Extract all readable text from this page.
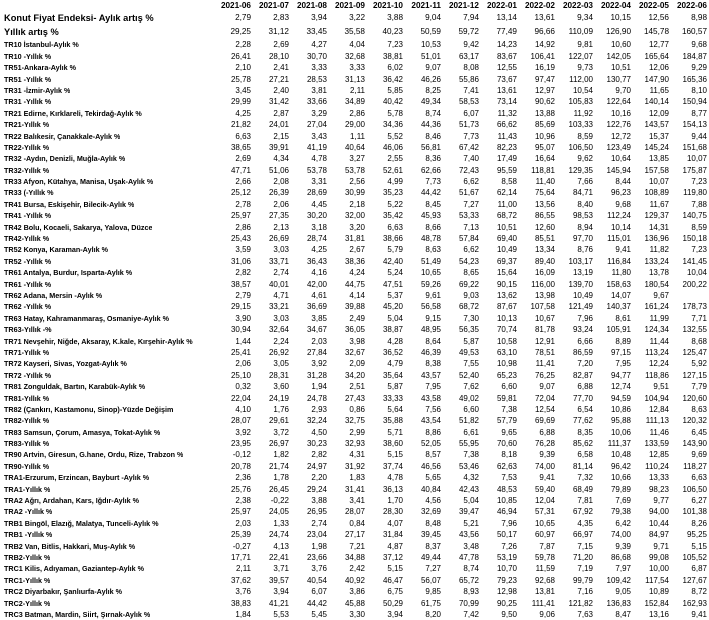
2021-06 2021-07 2021-08 2021-09 2021-10	2021-11 2021-12 2022-01 2022-02 2022-03 2022-04 2022-05 2022-06
Konut Fiyat Endeksi- Aylık artış %	2,79	2,83	3,94	3,22	3,88	9,04	7,94	13,14	13,61	9,34	10,15	12,56	8,98
Yıllık artış %	29,25	31,12	33,45	35,58	40,23	50,59	59,72	77,49	96,66	110,09	126,90	145,78	160,57
TR10 İstanbul-Aylık %	2,28	2,69	4,27	4,04	7,23	10,53	9,42	14,23	14,92	9,81	10,60	12,77	9,68
TR10 -Yıllık %	26,41	28,10	30,70	32,68	38,81	51,01	63,17	83,67	106,41	122,07	142,05	165,64	184,87
TR51-Ankara-Aylık %	2,10	2,41	3,33	3,33	6,02	9,07	8,08	12,55	16,19	9,73	10,51	12,06	9,29
TR51 -Yıllık %	25,78	27,21	28,53	31,13	36,42	46,26	55,86	73,67	97,47	112,00	130,77	147,90	165,36
TR31 -İzmir-Aylık %	3,45	2,40	3,81	2,11	5,85	8,25	7,41	13,61	12,97	10,54	9,70	11,65	8,10
TR31 -Yıllık %	29,99	31,42	33,66	34,89	40,42	49,34	58,53	73,14	90,62	105,83	122,64	140,14	150,94
TR21 Edirne, Kırklareli, Tekirdağ-Aylık %	4,25	2,87	3,29	2,86	5,78	8,74	6,07	11,32	13,88	11,92	10,16	12,09	8,77
TR21-Yıllık %	21,82	24,01	27,04	29,00	34,36	44,36	51,73	66,62	85,69	103,33	122,76	143,57	154,13
TR22 Balıkesir, Çanakkale-Aylık %	6,63	2,15	3,43	1,11	5,52	8,46	7,73	11,43	10,96	8,59	12,72	15,37	9,44
TR22-Yıllık %	38,65	39,91	41,19	40,64	46,06	56,81	67,42	82,23	95,07	106,50	123,49	145,24	151,68
TR32 -Aydın, Denizli, Muğla-Aylık %	2,69	4,34	4,78	3,27	2,55	8,36	7,40	17,49	16,64	9,62	10,64	13,85	10,07
TR32-Yıllık %	47,71	51,06	53,78	53,78	52,61	62,66	72,43	95,59	118,81	129,35	145,94	157,58	175,87
TR33 Afyon, Kütahya, Manisa, Uşak-Aylık %	2,66	2,08	3,31	2,56	4,99	7,73	6,62	8,58	11,40	7,66	8,44	10,07	7,23
TR33 (-Yıllık %	25,12	26,39	28,69	30,99	35,23	44,42	51,67	62,14	75,64	84,71	96,23	108,89	119,80
TR41 Bursa, Eskişehir, Bilecik-Aylık %	2,78	2,06	4,45	2,18	5,22	8,45	7,27	11,00	13,56	8,40	9,68	11,67	7,88
TR41 -Yıllık %	25,97	27,35	30,20	32,00	35,42	45,93	53,33	68,72	86,55	98,53	112,24	129,37	140,75
TR42 Bolu, Kocaeli, Sakarya, Yalova, Düzce	2,86	2,13	3,18	3,20	6,63	8,66	7,13	10,51	12,60	8,94	10,14	14,31	8,59
TR42-Yıllık %	25,43	26,69	28,74	31,81	38,66	48,78	57,84	69,40	85,51	97,70	115,01	136,96	150,18
TR52 Konya, Karaman-Aylık %	3,59	3,03	4,25	2,67	5,79	8,63	6,62	10,49	13,34	8,76	9,41	11,82	7,23
TR52 -Yıllık %	31,06	33,71	36,43	38,36	42,40	51,49	54,23	69,37	89,40	103,17	116,84	133,24	141,45
TR61 Antalya, Burdur, Isparta-Aylık %	2,82	2,74	4,16	4,24	5,24	10,65	8,65	15,64	16,09	13,19	11,80	13,78	10,04
TR61 -Yıllık %	38,57	40,01	42,00	44,75	47,51	59,26	69,22	90,15	116,00	139,70	158,63	180,54	200,22
TR62 Adana, Mersin -Aylık %	2,79	4,71	4,61	4,14	5,37	9,61	9,03	13,62	13,98	10,49	14,07	9,67
TR62 -Yıllık %	29,15	33,21	36,69	39,88	45,20	56,58	68,72	87,67	107,58	121,49	140,37	161,24	178,73
TR63 Hatay, Kahramanmaraş, Osmaniye-Aylık %	3,90	3,03	3,85	2,49	5,04	9,15	7,30	10,13	10,67	7,96	8,61	11,99	7,71
TR63-Yıllık -%	30,94	32,64	34,67	36,05	38,87	48,95	56,35	70,74	81,78	93,24	105,91	124,34	132,55
TR71 Nevşehir, Niğde, Aksaray, K.kale, Kırşehir-Aylık %	1,44	2,24	2,03	3,98	4,28	8,64	5,87	10,58	12,91	6,66	8,89	11,44	8,68
TR71-Yıllık %	25,41	26,92	27,84	32,67	36,52	46,39	49,53	63,10	78,51	86,59	97,15	113,24	125,47
TR72 Kayseri, Sivas, Yozgat-Aylık %	2,06	3,05	3,92	2,09	4,79	8,38	7,55	10,98	11,41	7,20	7,95	12,24	5,92
TR72 -Yıllık %	25,10	28,31	31,28	34,20	35,64	43,57	52,40	65,23	76,25	82,87	94,77	118,86	127,15
TR81 Zonguldak, Bartın, Karabük-Aylık %	0,32	3,60	1,94	2,51	5,87	7,95	7,62	6,60	9,07	6,88	12,74	9,51	7,79
TR81-Yıllık %	22,04	24,19	24,78	27,43	33,33	43,58	49,02	59,81	72,04	77,70	94,59	104,94	120,60
TR82 (Çankırı, Kastamonu, Sinop)-Yüzde Değişim	4,10	1,76	2,93	0,86	5,64	7,56	6,60	7,38	12,54	6,54	10,86	12,84	8,63
TR82-Yıllık %	28,07	29,61	32,24	32,75	35,88	43,54	51,82	57,79	69,69	77,62	95,88	111,13	120,32
TR83 Samsun, Çorum, Amasya, Tokat-Aylık %	3,92	3,72	4,50	2,99	5,71	8,86	6,61	9,65	6,88	8,35	10,06	11,46	6,45
TR83-Yıllık %	23,95	26,97	30,23	32,93	38,60	52,05	55,95	70,60	76,28	85,62	111,37	133,59	143,90
TR90 Artvin, Giresun, G.hane, Ordu, Rize, Trabzon %	-0,12	1,82	2,82	4,31	5,15	8,57	7,38	8,18	9,39	6,58	10,48	12,85	9,69
TR90-Yıllık %	20,78	21,74	24,97	31,92	37,74	46,56	53,46	62,63	74,00	81,14	96,42	110,24	118,27
TRA1-Erzurum, Erzincan, Bayburt -Aylık %	2,36	1,78	2,20	1,83	4,78	5,65	4,32	7,53	9,41	7,32	10,66	13,33	6,63
TRA1-Yıllık %	25,76	26,45	29,24	31,41	36,13	40,84	42,43	48,53	59,40	68,49	79,89	98,23	106,50
TRA2 Ağrı, Ardahan, Kars, Iğdır-Aylık %	2,38	-0,22	3,88	3,41	1,70	4,56	5,04	10,85	12,04	7,81	7,69	9,77	6,27
TRA2 -Yıllık %	25,97	24,05	26,95	28,07	28,30	32,69	39,47	46,94	57,31	67,92	79,38	94,00	101,38
TRB1 Bingöl, Elazığ, Malatya, Tunceli-Aylık %	2,03	1,33	2,74	0,84	4,07	8,48	5,21	7,96	10,65	4,35	6,42	10,44	8,26
TRB1 -Yıllık %	25,39	24,74	23,04	27,17	31,84	39,45	43,56	50,17	60,97	66,97	74,00	84,97	95,25
TRB2 Van, Bitlis, Hakkari, Muş-Aylık %	-0,27	4,13	1,98	7,21	4,87	8,37	3,48	7,26	7,87	7,15	9,39	9,71	5,15
TRB2-Yıllık %	17,71	22,41	23,66	34,88	37,12	49,44	47,78	53,19	59,78	71,20	86,68	99,08	105,52
TRC1 Kilis, Adıyaman, Gaziantep-Aylık %	2,11	3,71	3,76	2,42	5,15	7,27	8,74	10,70	11,59	7,19	7,97	10,00	6,87
TRC1-Yıllık %	37,62	39,57	40,54	40,92	46,47	56,07	65,72	79,23	92,68	99,79	109,42	117,54	127,67
TRC2 Diyarbakır, Şanlıurfa-Aylık %	3,76	3,94	6,07	3,86	6,75	9,85	8,93	12,98	13,81	7,16	9,05	10,89	8,72
TRC2-Yıllık %	38,83	41,21	44,42	45,88	50,29	61,75	70,99	90,25	111,41	121,82	136,83	152,84	162,93
TRC3 Batman, Mardin, Siirt, Şırnak-Aylık %	1,84	5,53	5,45	3,30	3,94	8,20	7,42	9,50	9,06	7,63	8,47	13,16	9,41
